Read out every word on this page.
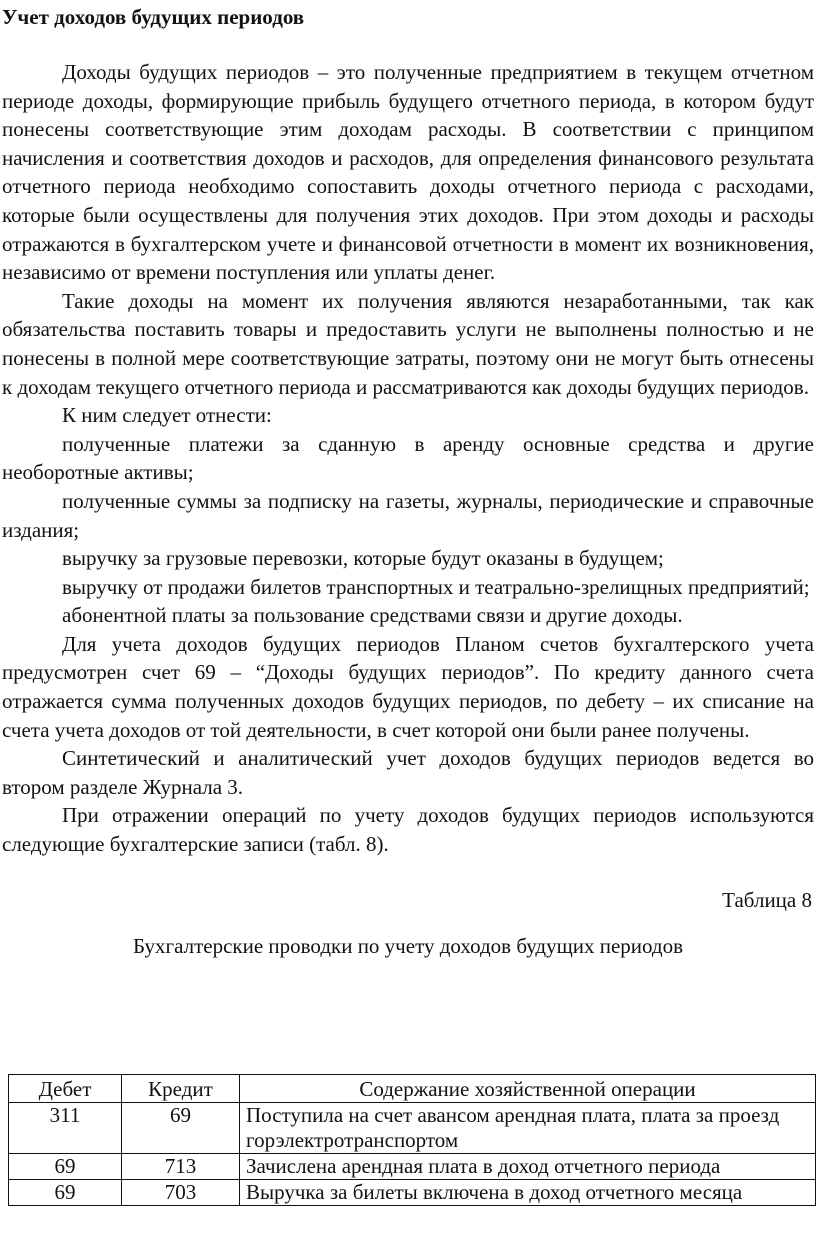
Учет доходов будущих периодов

Доходы будущих периодов – это полученные предприятием в текущем отчетном периоде доходы, формирующие прибыль будущего отчетного периода, в котором будут понесены соответствующие этим доходам расходы. В соответствии с принципом начисления и соответствия доходов и расходов, для определения финансового результата отчетного периода необходимо сопоставить доходы отчетного периода с расходами, которые были осуществлены для получения этих доходов. При этом доходы и расходы отражаются в бухгалтерском учете и финансовой отчетности в момент их возникновения, независимо от времени поступления или уплаты денег.

Такие доходы на момент их получения являются незаработанными, так как обязательства поставить товары и предоставить услуги не выполнены полностью и не понесены в полной мере соответствующие затраты, поэтому они не могут быть отнесены к доходам текущего отчетного периода и рассматриваются как доходы будущих периодов.

К ним следует отнести:

полученные платежи за сданную в аренду основные средства и другие необоротные активы;

полученные суммы за подписку на газеты, журналы, периодические и справочные издания;

выручку за грузовые перевозки, которые будут оказаны в будущем;

выручку от продажи билетов транспортных и театрально-зрелищных предприятий;

абонентной платы за пользование средствами связи и другие доходы.

Для учета доходов будущих периодов Планом счетов бухгалтерского учета предусмотрен счет 69 – “Доходы будущих периодов”. По кредиту данного счета отражается сумма полученных доходов будущих периодов, по дебету – их списание на счета учета доходов от той деятельности, в счет которой они были ранее получены.

Синтетический и аналитический учет доходов будущих периодов ведется во втором разделе Журнала 3.

При отражении операций по учету доходов будущих периодов используются следующие бухгалтерские записи (табл. 8).

Таблица 8
Бухгалтерские проводки по учету доходов будущих периодов
Дебет	Кредит	Содержание хозяйственной операции
311	69	Поступила на счет авансом арендная плата, плата за проезд горэлектротранспортом
69	713	Зачислена арендная плата в доход отчетного периода
69	703	Выручка за билеты включена в доход отчетного месяца
